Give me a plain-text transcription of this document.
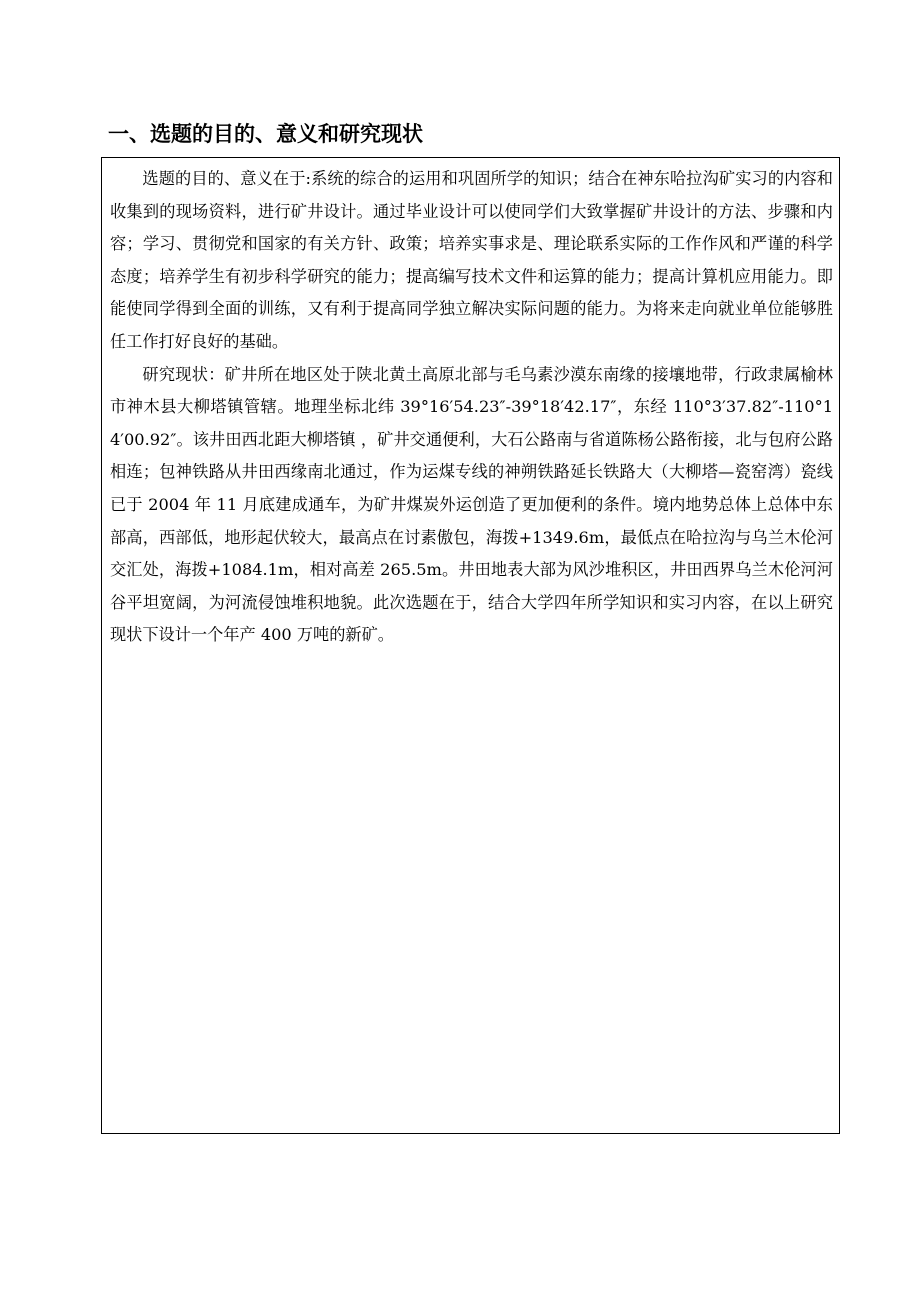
一、选题的目的、意义和研究现状

选题的目的、意义在于:系统的综合的运用和巩固所学的知识；结合在神东哈拉沟矿实习的内容和收集到的现场资料，进行矿井设计。通过毕业设计可以使同学们大致掌握矿井设计的方法、步骤和内容；学习、贯彻党和国家的有关方针、政策；培养实事求是、理论联系实际的工作作风和严谨的科学态度；培养学生有初步科学研究的能力；提高编写技术文件和运算的能力；提高计算机应用能力。即能使同学得到全面的训练，又有利于提高同学独立解决实际问题的能力。为将来走向就业单位能够胜任工作打好良好的基础。

研究现状：矿井所在地区处于陕北黄土高原北部与毛乌素沙漠东南缘的接壤地带，行政隶属榆林市神木县大柳塔镇管辖。地理坐标北纬 39°16′54.23″-39°18′42.17″，东经 110°3′37.82″-110°14′00.92″。该井田西北距大柳塔镇 ，矿井交通便利，大石公路南与省道陈杨公路衔接，北与包府公路相连；包神铁路从井田西缘南北通过，作为运煤专线的神朔铁路延长铁路大（大柳塔—瓷窑湾）瓷线已于 2004 年 11 月底建成通车，为矿井煤炭外运创造了更加便利的条件。境内地势总体上总体中东部高，西部低，地形起伏较大，最高点在讨素傲包，海拨+1349.6m，最低点在哈拉沟与乌兰木伦河交汇处，海拨+1084.1m，相对高差 265.5m。井田地表大部为风沙堆积区，井田西界乌兰木伦河河谷平坦宽阔，为河流侵蚀堆积地貌。此次选题在于，结合大学四年所学知识和实习内容，在以上研究现状下设计一个年产 400 万吨的新矿。
